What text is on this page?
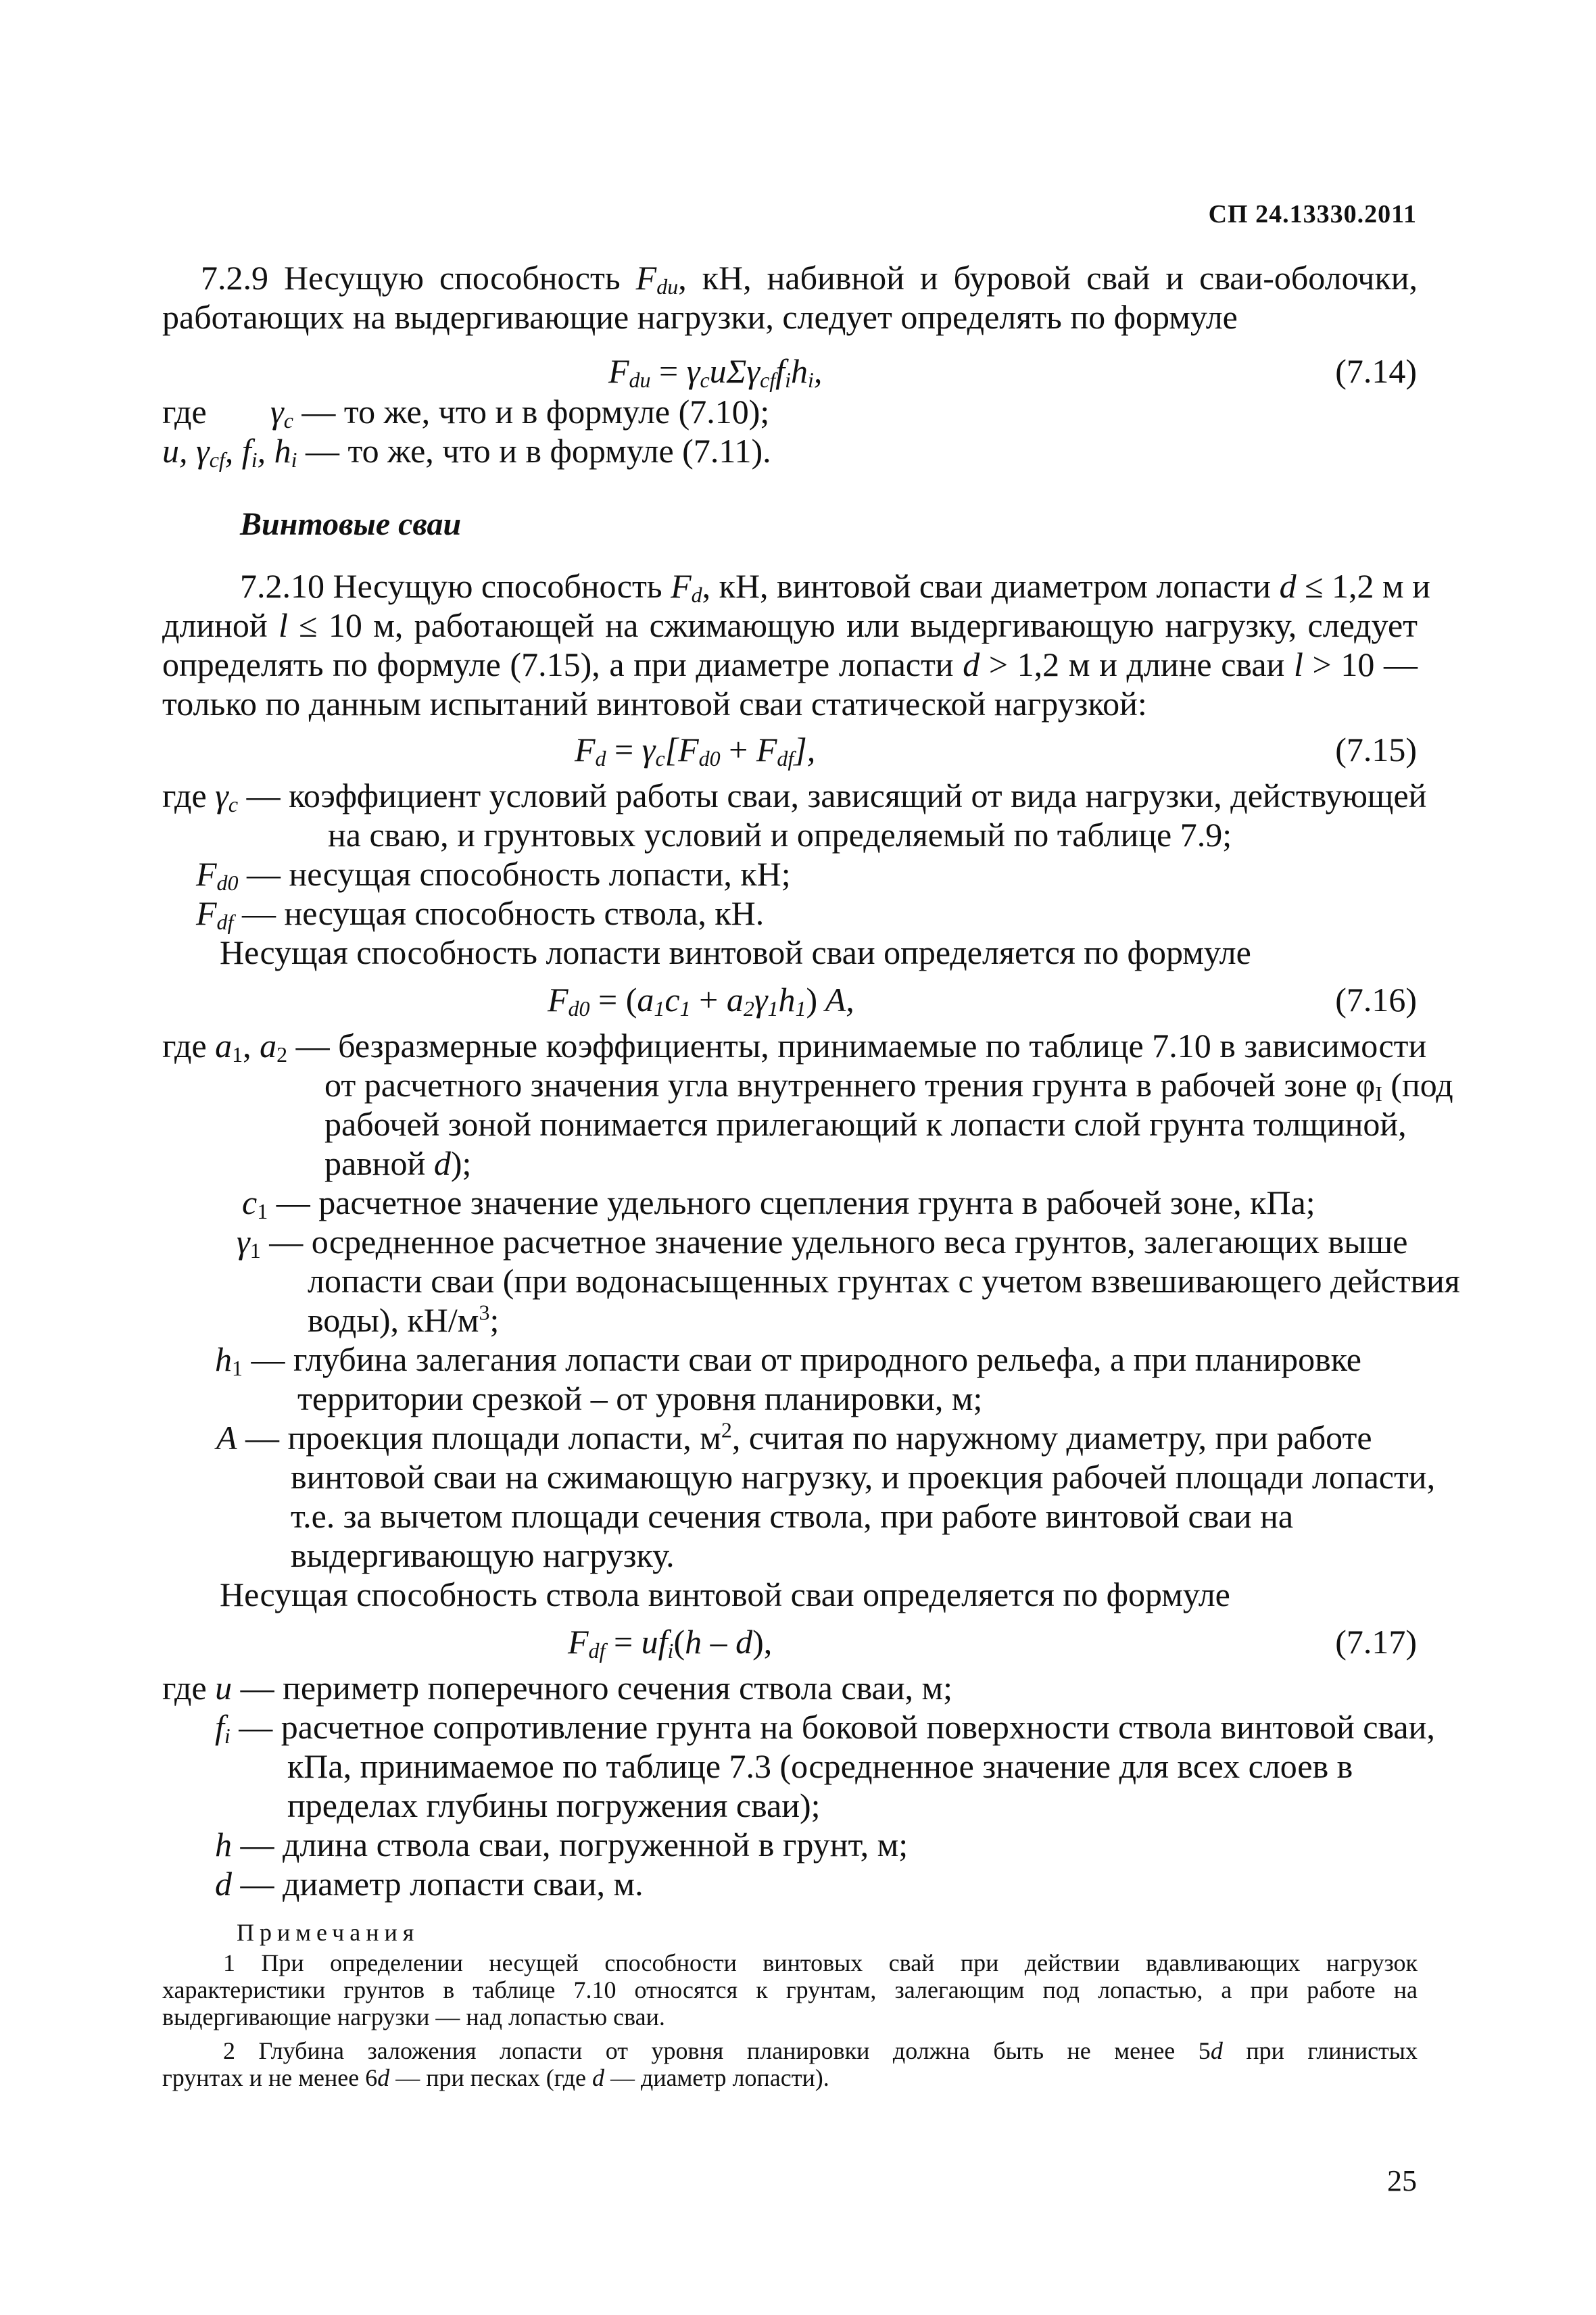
СП 24.13330.2011
7.2.9 Несущую способность $F_{du}$, кН, набивной и буровой свай и сваи-оболочки,
работающих на выдергивающие нагрузки, следует определять по формуле
$F_{du} = \gamma_cu\Sigma\gamma_{cf}f_ih_i$,	(7.14)
где $\gamma_c$ — то же, что и в формуле (7.10);
u, $\gamma_{cf}$, $f_i$, $h_i$ — то же, что и в формуле (7.11).
Винтовые сваи
7.2.10 Несущую способность $F_d$, кН, винтовой сваи диаметром лопасти d ≤ 1,2 м и
длиной l ≤ 10 м, работающей на сжимающую или выдергивающую нагрузку, следует
определять по формуле (7.15), а при диаметре лопасти d > 1,2 м и длине сваи l > 10 —
только по данным испытаний винтовой сваи статической нагрузкой:
$F_d = \gamma_c[F_{d0} + F_{df}]$,	(7.15)
где $\gamma_c$ — коэффициент условий работы сваи, зависящий от вида нагрузки, действующей
на сваю, и грунтовых условий и определяемый по таблице 7.9;
$F_{d0}$ — несущая способность лопасти, кН;
$F_{df}$ — несущая способность ствола, кН.
Несущая способность лопасти винтовой сваи определяется по формуле
$F_{d0} = (a_1c_1 + a_2\gamma_1h_1)$ A,	(7.16)
где $a_1$, $a_2$ — безразмерные коэффициенты, принимаемые по таблице 7.10 в зависимости
от расчетного значения угла внутреннего трения грунта в рабочей зоне $\varphi_I$ (под
рабочей зоной понимается прилегающий к лопасти слой грунта толщиной,
равной d);
$c_1$ — расчетное значение удельного сцепления грунта в рабочей зоне, кПа;
$\gamma_1$ — осредненное расчетное значение удельного веса грунтов, залегающих выше
лопасти сваи (при водонасыщенных грунтах с учетом взвешивающего действия
воды), $кН/м^3$;
$h_1$ — глубина залегания лопасти сваи от природного рельефа, а при планировке
территории срезкой – от уровня планировки, м;
A — проекция площади лопасти, $м^2$, считая по наружному диаметру, при работе
винтовой сваи на сжимающую нагрузку, и проекция рабочей площади лопасти,
т.е. за вычетом площади сечения ствола, при работе винтовой сваи на
выдергивающую нагрузку.
Несущая способность ствола винтовой сваи определяется по формуле
$F_{df} = uf_i(h - d)$,	(7.17)
где u — периметр поперечного сечения ствола сваи, м;
$f_i$ — расчетное сопротивление грунта на боковой поверхности ствола винтовой сваи,
кПа, принимаемое по таблице 7.3 (осредненное значение для всех слоев в
пределах глубины погружения сваи);
h — длина ствола сваи, погруженной в грунт, м;
d — диаметр лопасти сваи, м.
Примечания
1 При определении несущей способности винтовых свай при действии вдавливающих нагрузок
характеристики грунтов в таблице 7.10 относятся к грунтам, залегающим под лопастью, а при работе на
выдергивающие нагрузки — над лопастью сваи.
2 Глубина заложения лопасти от уровня планировки должна быть не менее 5d при глинистых
грунтах и не менее 6d — при песках (где d — диаметр лопасти).
25
